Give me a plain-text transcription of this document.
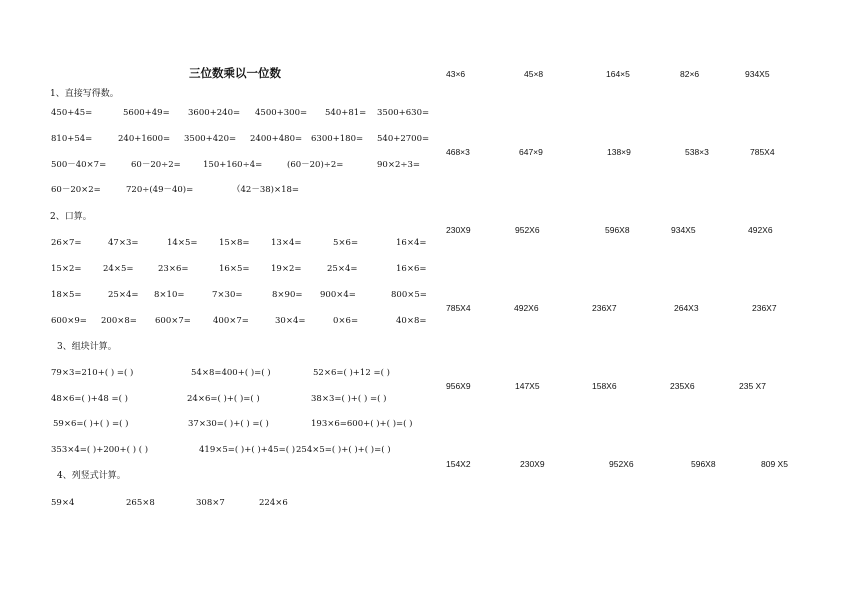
三位数乘以一位数
1、直接写得数。
450+45=	5600+49= 3600+240= 4500+300= 540+81= 3500+630=
810+54=	240+1600= 3500+420= 2400+480= 6300+180= 540+2700=
500－40×7=	60－20÷2=	150+160÷4=	(60－20)÷2=	90×2÷3=
60－20×2=	720÷(49－40)=	（42－38)×18=
2、口算。
26×7=	47×3=	14×5=	15×8=	13×4=	5×6=	16×4=
15×2=	24×5=	23×6=	16×5=	19×2=	25×4=	16×6=
18×5=	25×4= 8×10=	7×30=	8×90= 900×4=	800×5=
600×9= 200×8= 600×7=	400×7=	30×4=	0×6=	40×8=
3、组块计算。
79×3=210+( ) =( )	54×8=400+( )=( )	52×6=( )+12 =( )
48×6=( )+48 =( )	24×6=( )+( )=( )	38×3=( )+( ) =( )
59×6=( )+( ) =( )	37×30=( )+( ) =( )	193×6=600+( )+( )=( )
353×4=( )+200+( ) ( )	419×5=( )+( )+45=( ) 254×5=( )+( )+( )=( )
4、列竖式计算。
59×4	265×8	308×7	224×6
43×6	45×8	164×5	82×6	934X5
468×3	647×9	138×9	538×3	785X4
230X9	952X6	596X8	934X5	492X6
785X4	492X6	236X7	264X3	236X7
956X9	147X5	158X6	235X6	235 X7
154X2	230X9	952X6	596X8	809 X5
